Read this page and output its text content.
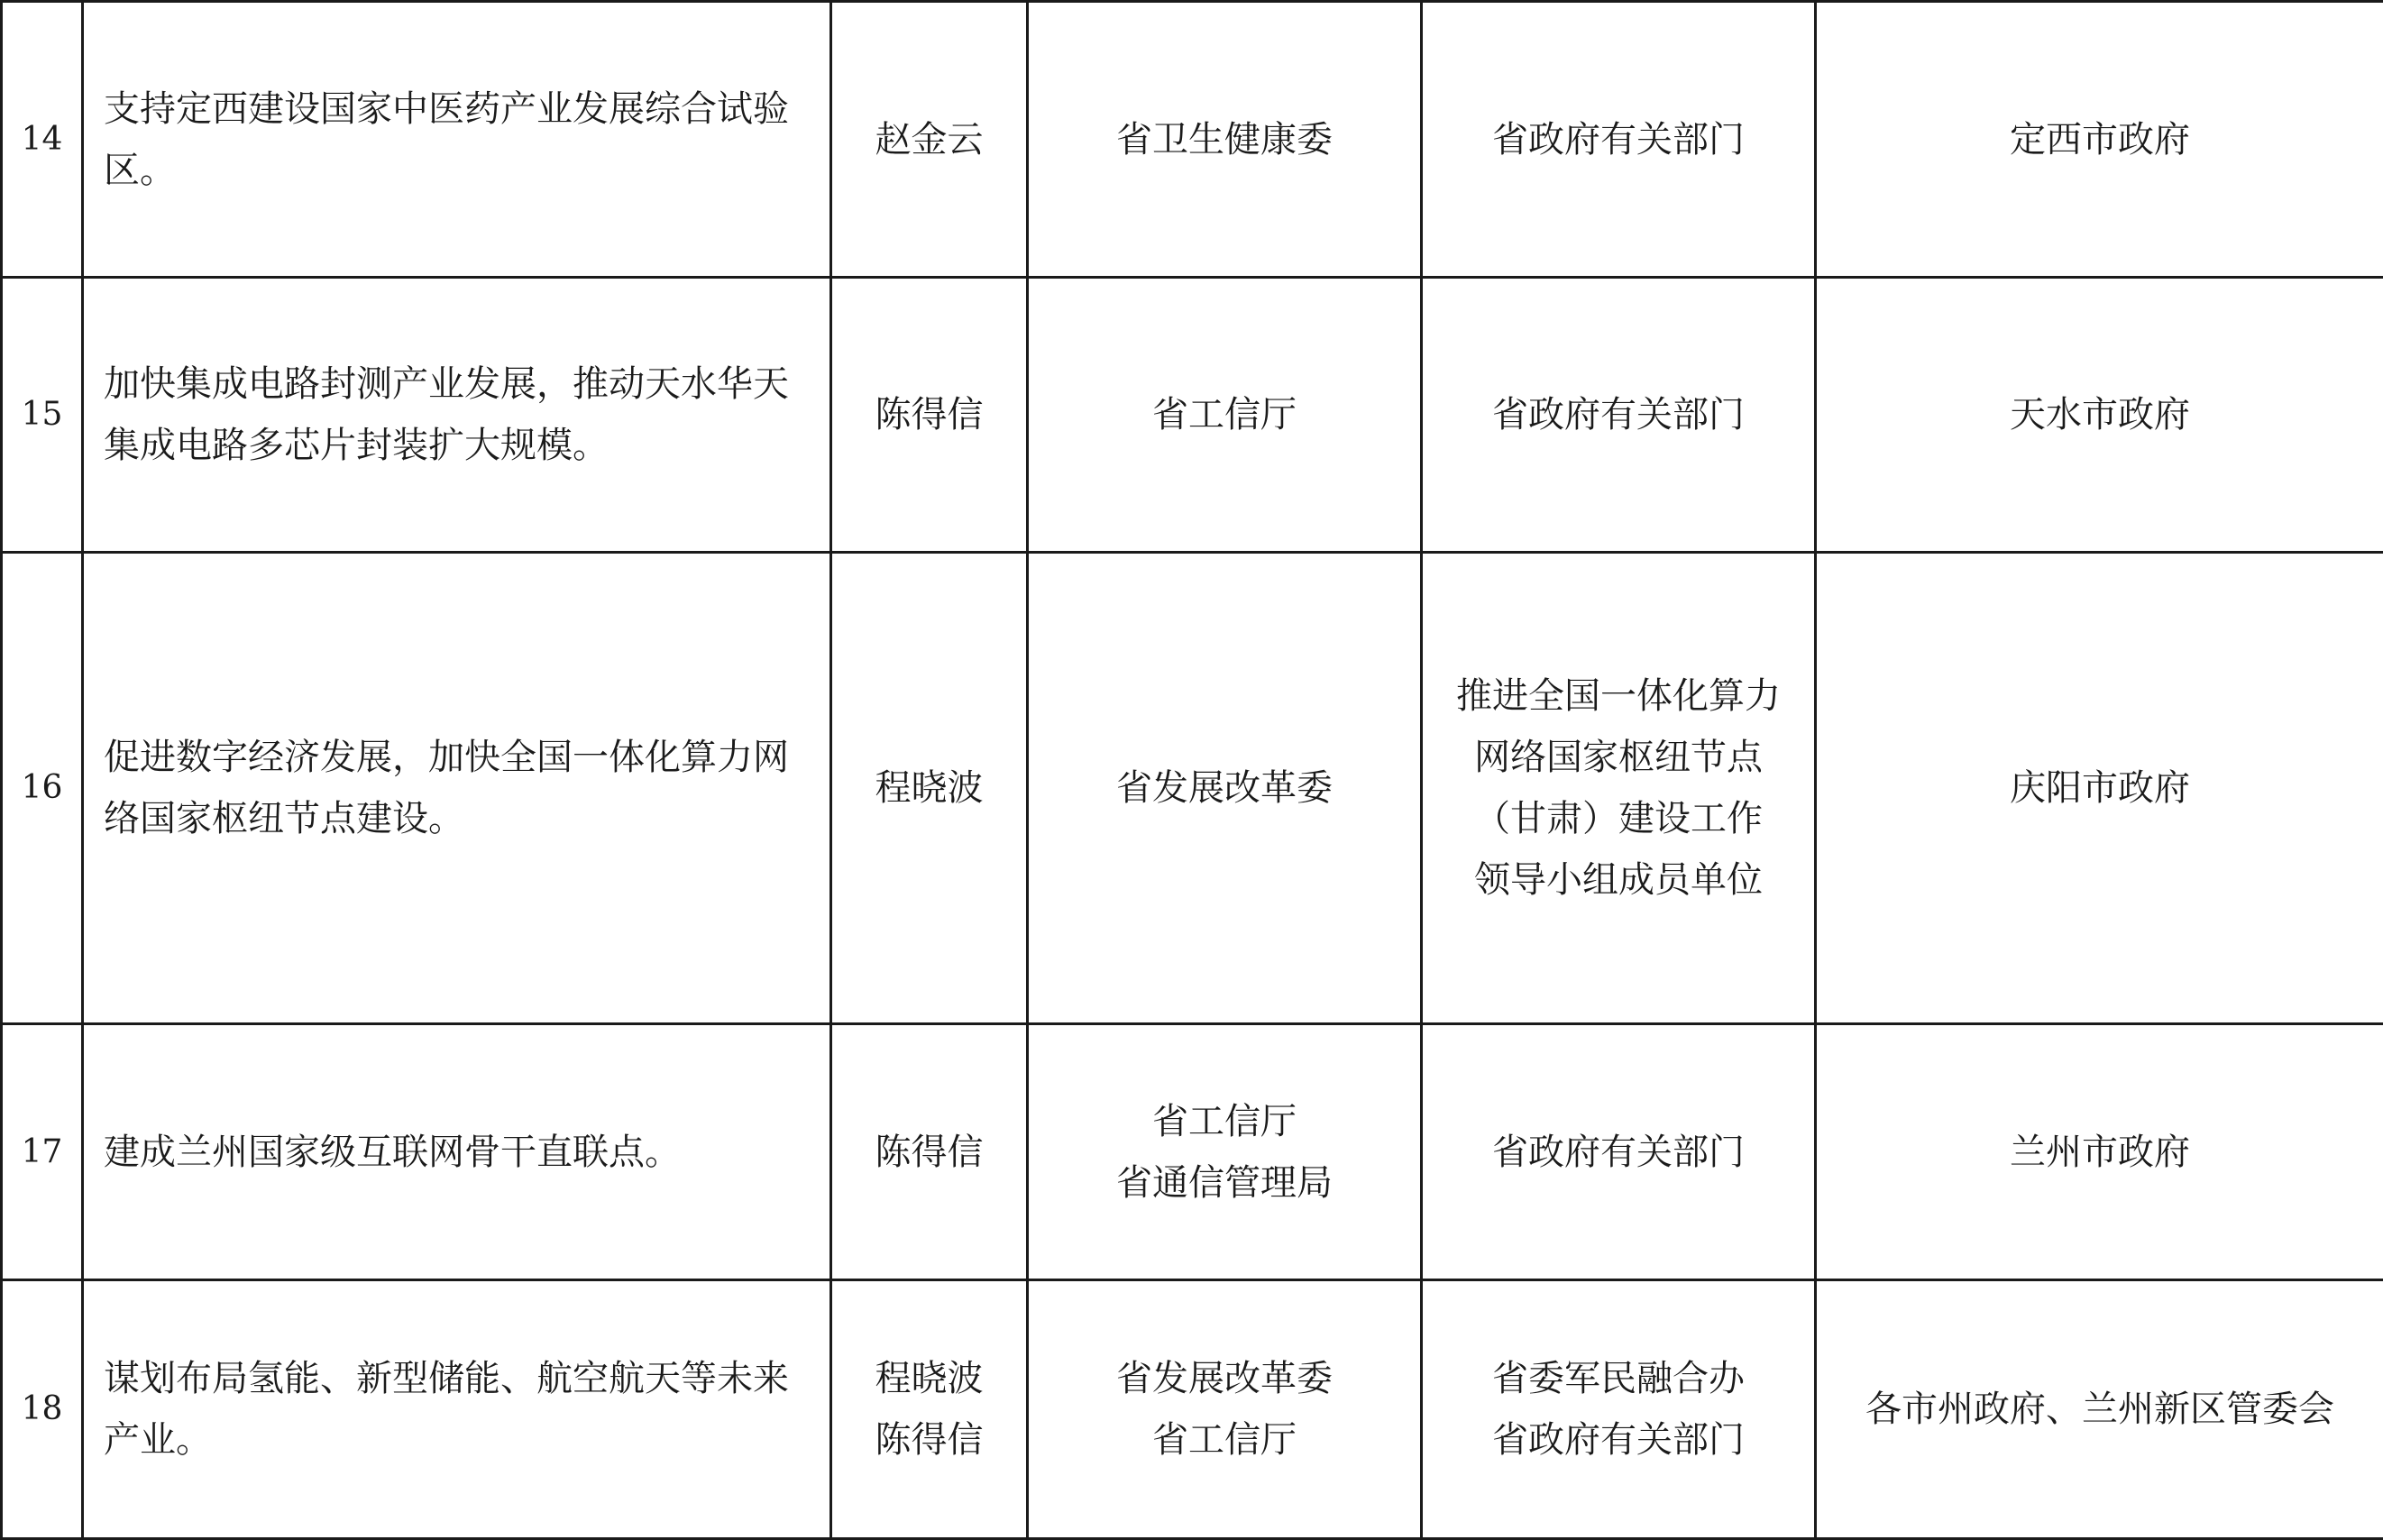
14	支持定西建设国家中医药产业发展综合试验区。	赵金云	省卫生健康委	省政府有关部门	定西市政府

15	加快集成电路封测产业发展，推动天水华天集成电路多芯片封装扩大规模。	陈得信	省工信厅	省政府有关部门	天水市政府

16	促进数字经济发展，加快全国一体化算力网络国家枢纽节点建设。	程晓波	省发展改革委	推进全国一体化算力
网络国家枢纽节点
（甘肃）建设工作
领导小组成员单位	庆阳市政府

17	建成兰州国家级互联网骨干直联点。	陈得信	省工信厅
省通信管理局	省政府有关部门	兰州市政府

18	谋划布局氢能、新型储能、航空航天等未来产业。	程晓波
陈得信	省发展改革委
省工信厅	省委军民融合办
省政府有关部门	各市州政府、兰州新区管委会
